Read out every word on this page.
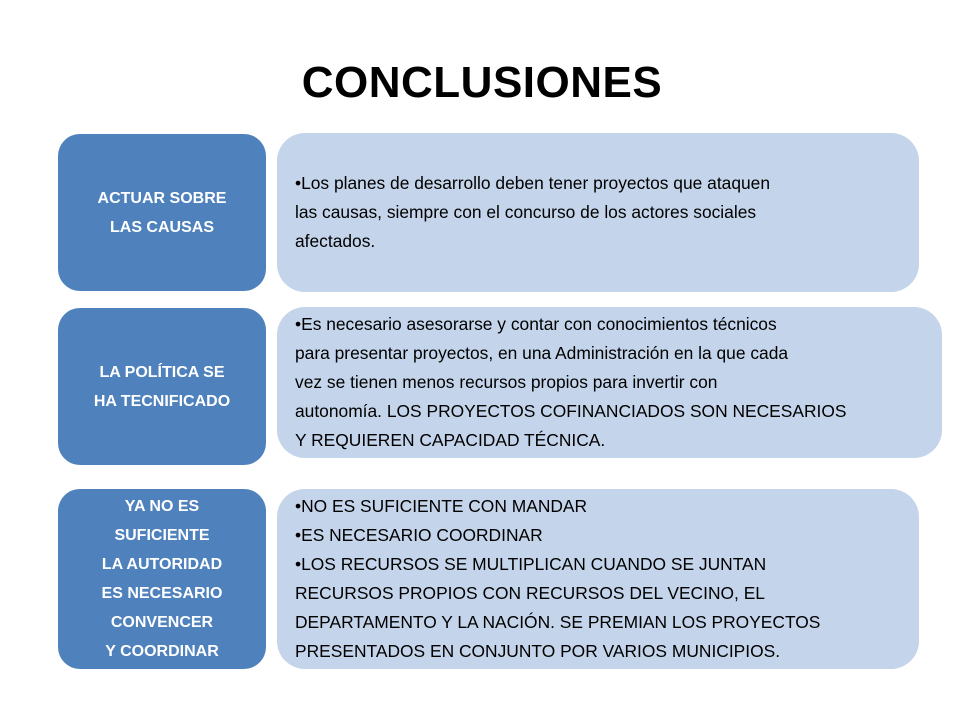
CONCLUSIONES
ACTUAR SOBRE
LAS CAUSAS
•Los planes de desarrollo deben tener proyectos que ataquen
las causas, siempre con el concurso de los actores sociales
afectados.
LA POLÍTICA SE
HA TECNIFICADO
•Es necesario asesorarse y contar con conocimientos técnicos
para presentar proyectos, en una Administración en la que cada
vez se tienen menos recursos propios para invertir con
autonomía. LOS PROYECTOS COFINANCIADOS SON NECESARIOS
Y REQUIEREN CAPACIDAD TÉCNICA.
YA NO ES
SUFICIENTE
LA AUTORIDAD
ES NECESARIO
CONVENCER
Y COORDINAR
•NO ES SUFICIENTE CON MANDAR
•ES NECESARIO COORDINAR
•LOS RECURSOS SE MULTIPLICAN CUANDO SE JUNTAN
RECURSOS PROPIOS CON RECURSOS DEL VECINO, EL
DEPARTAMENTO Y LA NACIÓN. SE PREMIAN LOS PROYECTOS
PRESENTADOS EN CONJUNTO POR VARIOS MUNICIPIOS.
